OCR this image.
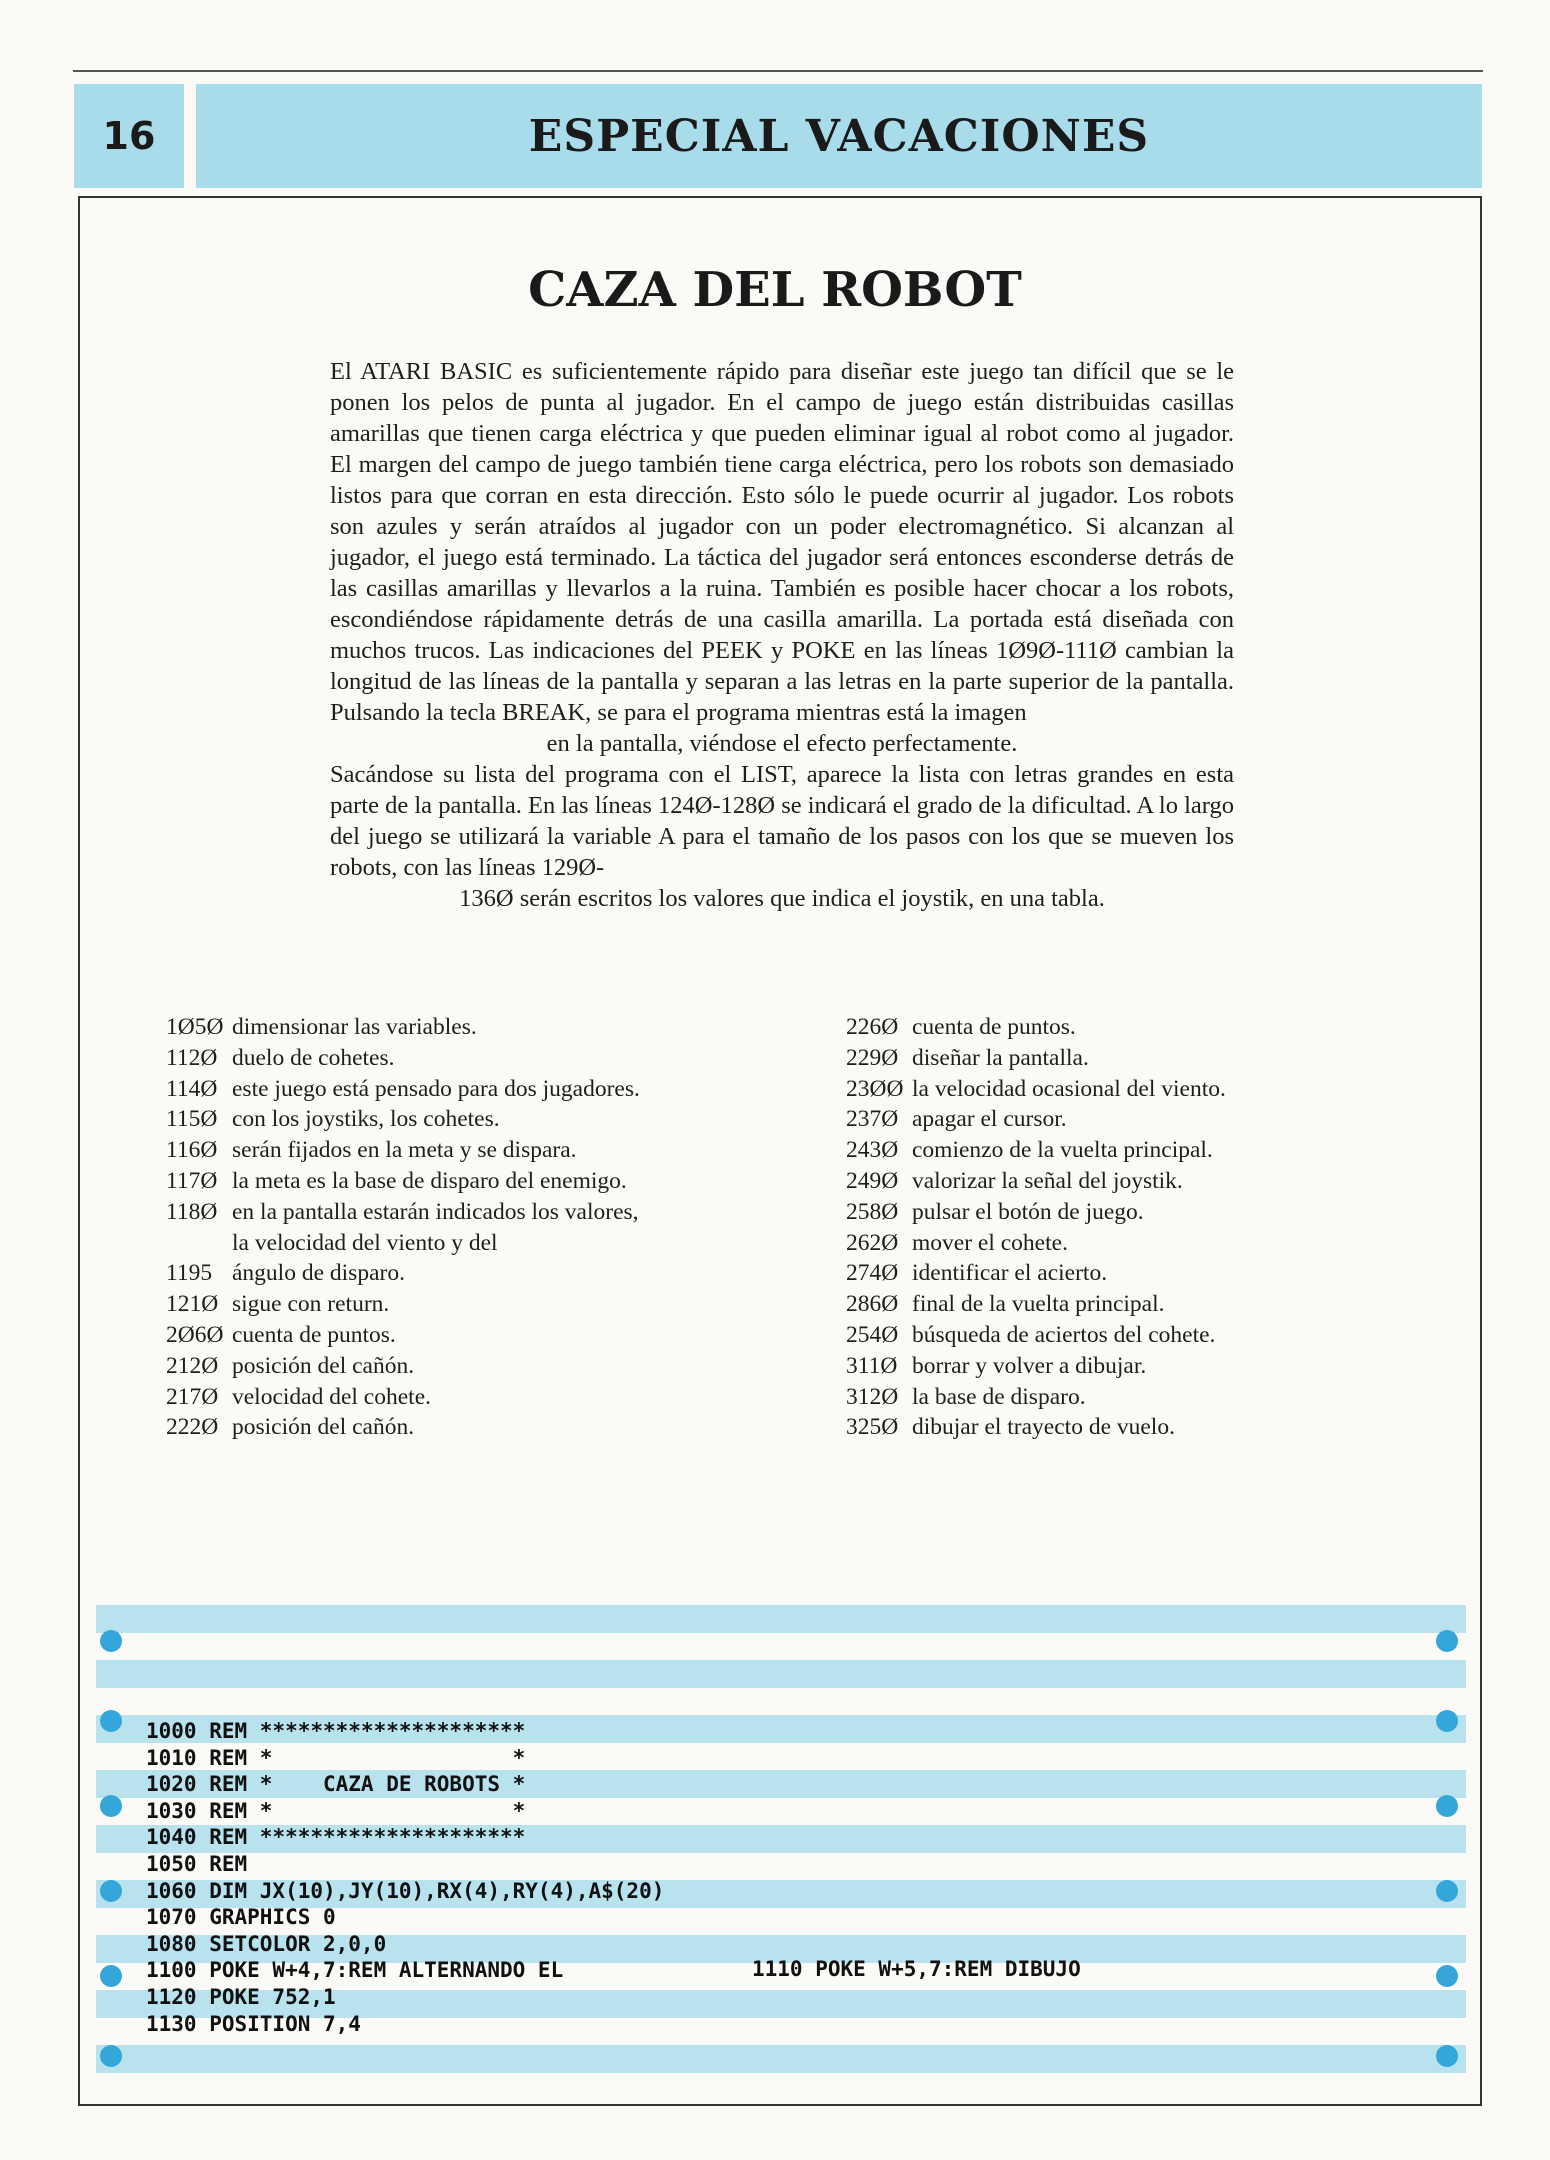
16	ESPECIAL VACACIONES
CAZA DEL ROBOT

El ATARI BASIC es suficientemente rápido para diseñar este juego tan difícil que se le ponen los pelos de punta al jugador. En el campo de juego están distribuidas casillas amarillas que tienen carga eléctrica y que pueden eliminar igual al robot como al jugador. El margen del campo de juego también tiene carga eléctrica, pero los robots son demasiado listos para que corran en esta dirección. Esto sólo le puede ocurrir al jugador. Los robots son azules y serán atraídos al jugador con un poder electromagnético. Si alcanzan al jugador, el juego está terminado. La táctica del jugador será entonces esconderse detrás de las casillas amarillas y llevarlos a la ruina. También es posible hacer chocar a los robots, escondiéndose rápidamente detrás de una casilla amarilla. La portada está diseñada con muchos trucos. Las indicaciones del PEEK y POKE en las líneas 1Ø9Ø-111Ø cambian la longitud de las líneas de la pantalla y separan a las letras en la parte superior de la pantalla. Pulsando la tecla BREAK, se para el programa mientras está la imagen

en la pantalla, viéndose el efecto perfectamente.

Sacándose su lista del programa con el LIST, aparece la lista con letras grandes en esta parte de la pantalla. En las líneas 124Ø-128Ø se indicará el grado de la dificultad. A lo largo del juego se utilizará la variable A para el tamaño de los pasos con los que se mueven los robots, con las líneas 129Ø-

136Ø serán escritos los valores que indica el joystik, en una tabla.

1Ø5Ø dimensionar las variables.
112Ø duelo de cohetes.
114Ø este juego está pensado para dos jugadores.
115Ø con los joystiks, los cohetes.
116Ø serán fijados en la meta y se dispara.
117Ø la meta es la base de disparo del enemigo.
118Ø en la pantalla estarán indicados los valores,
la velocidad del viento y del
1195 ángulo de disparo.
121Ø sigue con return.
2Ø6Ø cuenta de puntos.
212Ø posición del cañón.
217Ø velocidad del cohete.
222Ø posición del cañón.
226Ø cuenta de puntos.
229Ø diseñar la pantalla.
23ØØ la velocidad ocasional del viento.
237Ø apagar el cursor.
243Ø comienzo de la vuelta principal.
249Ø valorizar la señal del joystik.
258Ø pulsar el botón de juego.
262Ø mover el cohete.
274Ø identificar el acierto.
286Ø final de la vuelta principal.
254Ø búsqueda de aciertos del cohete.
311Ø borrar y volver a dibujar.
312Ø la base de disparo.
325Ø dibujar el trayecto de vuelo.
1000 REM *********************
1010 REM *                   *
1020 REM *    CAZA DE ROBOTS *
1030 REM *                   *
1040 REM *********************
1050 REM
1060 DIM JX(10),JY(10),RX(4),RY(4),A$(20)
1070 GRAPHICS 0
1080 SETCOLOR 2,0,0
1100 POKE W+4,7:REM ALTERNANDO EL
1120 POKE 752,1
1130 POSITION 7,4
1110 POKE W+5,7:REM DIBUJO
